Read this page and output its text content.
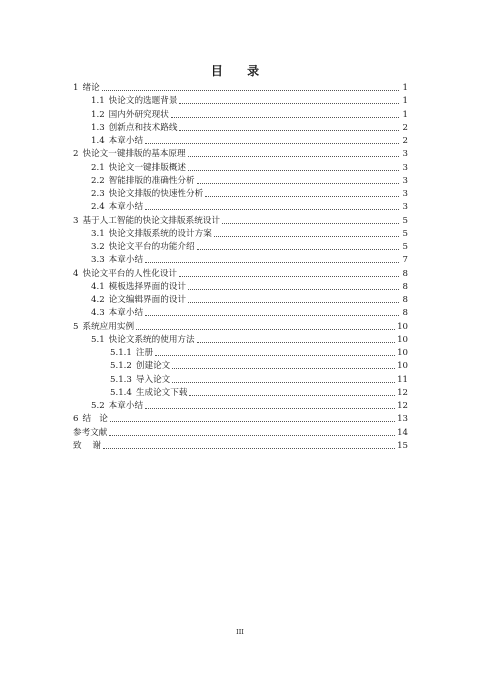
目 录
1 绪论	1
1.1 快论文的选题背景	1
1.2 国内外研究现状	1
1.3 创新点和技术路线	2
1.4 本章小结	2
2 快论文一键排版的基本原理	3
2.1 快论文一键排版概述	3
2.2 智能排版的准确性分析	3
2.3 快论文排版的快速性分析	3
2.4 本章小结	3
3 基于人工智能的快论文排版系统设计	5
3.1 快论文排版系统的设计方案	5
3.2 快论文平台的功能介绍	5
3.3 本章小结	7
4 快论文平台的人性化设计	8
4.1 模板选择界面的设计	8
4.2 论文编辑界面的设计	8
4.3 本章小结	8
5 系统应用实例	10
5.1 快论文系统的使用方法	10
5.1.1 注册	10
5.1.2 创建论文	10
5.1.3 导入论文	11
5.1.4 生成论文下载	12
5.2 本章小结	12
6 结   论	13
参考文献	14
致    谢	15
III
